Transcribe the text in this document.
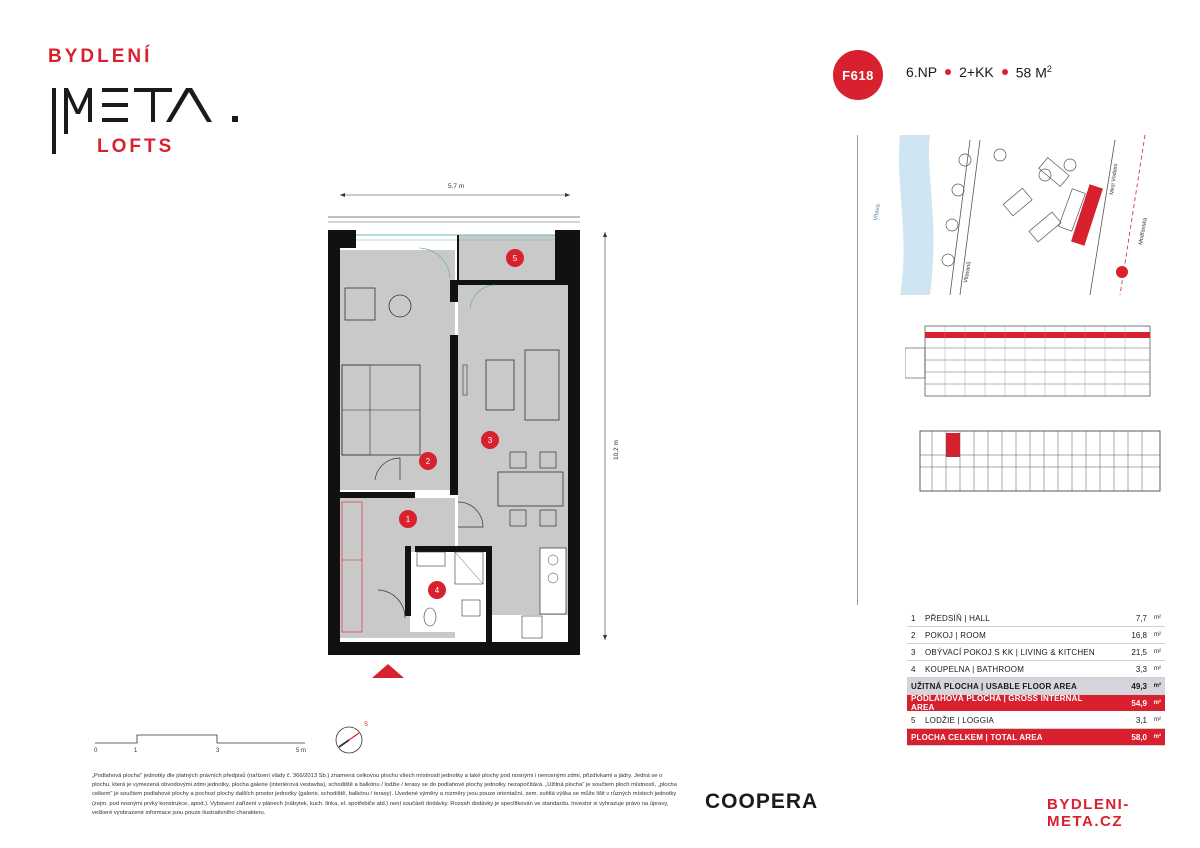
BYDLENÍ
LOFTS
F618	6.NP 2+KK 58 $M^2$
5.7 m
10.2 m
5
2
3
1
4
Vltava
Vltavanů
Mezi Vodami
Modřanská
1	PŘEDSÍŇ | HALL	7,7	m²
2	POKOJ | ROOM	16,8	m²
3	OBÝVACÍ POKOJ S KK | LIVING & KITCHEN	21,5	m²
4	KOUPELNA | BATHROOM	3,3	m²
UŽITNÁ PLOCHA | USABLE FLOOR AREA	49,3	m²
PODLAHOVÁ PLOCHA | GROSS INTERNAL AREA	54,9	m²
5	LODŽIE | LOGGIA	3,1	m²
PLOCHA CELKEM | TOTAL AREA	58,0	m²
0	1	3	5 m
S
„Podlahová plocha" jednotky dle platných právních předpisů (nařízení vlády č. 366/2013 Sb.) znamená celkovou plochu všech místností jednotky a také plochy pod nosnými i nenosnými zdmi, přizdívkami a jádry. Jedná se o plochu, která je vymezená obvodovými zdmi jednotky, plocha galerie (interiérová vestavba), schodiště a balkónu / lodžie / terasy se do podlahové plochy jednotky nezapočítává. „Užitná plocha" je součtem ploch místností, „plocha celkem" je součtem podlahové plochy a pochozí plochy dalších prostor jednotky (galerie, schodiště, balkónu / terasy). Uvedené výměry a rozměry jsou pouze orientační, zem. světlá výška se může lišit v různých místech jednotky (zejm. pod nosnými prvky konstrukce, apod.). Vybavení zařízení v plánech (nábytek, kuch. linka, el. spotřebiče atd.) není součástí dodávky. Rozsah dodávky je specifikován ve standardu. Investor si vyhrazuje právo na úpravy, veškeré vyobrazené informace jsou pouze ilustrativního charakteru.	COOPERA	BYDLENI-META.CZ
